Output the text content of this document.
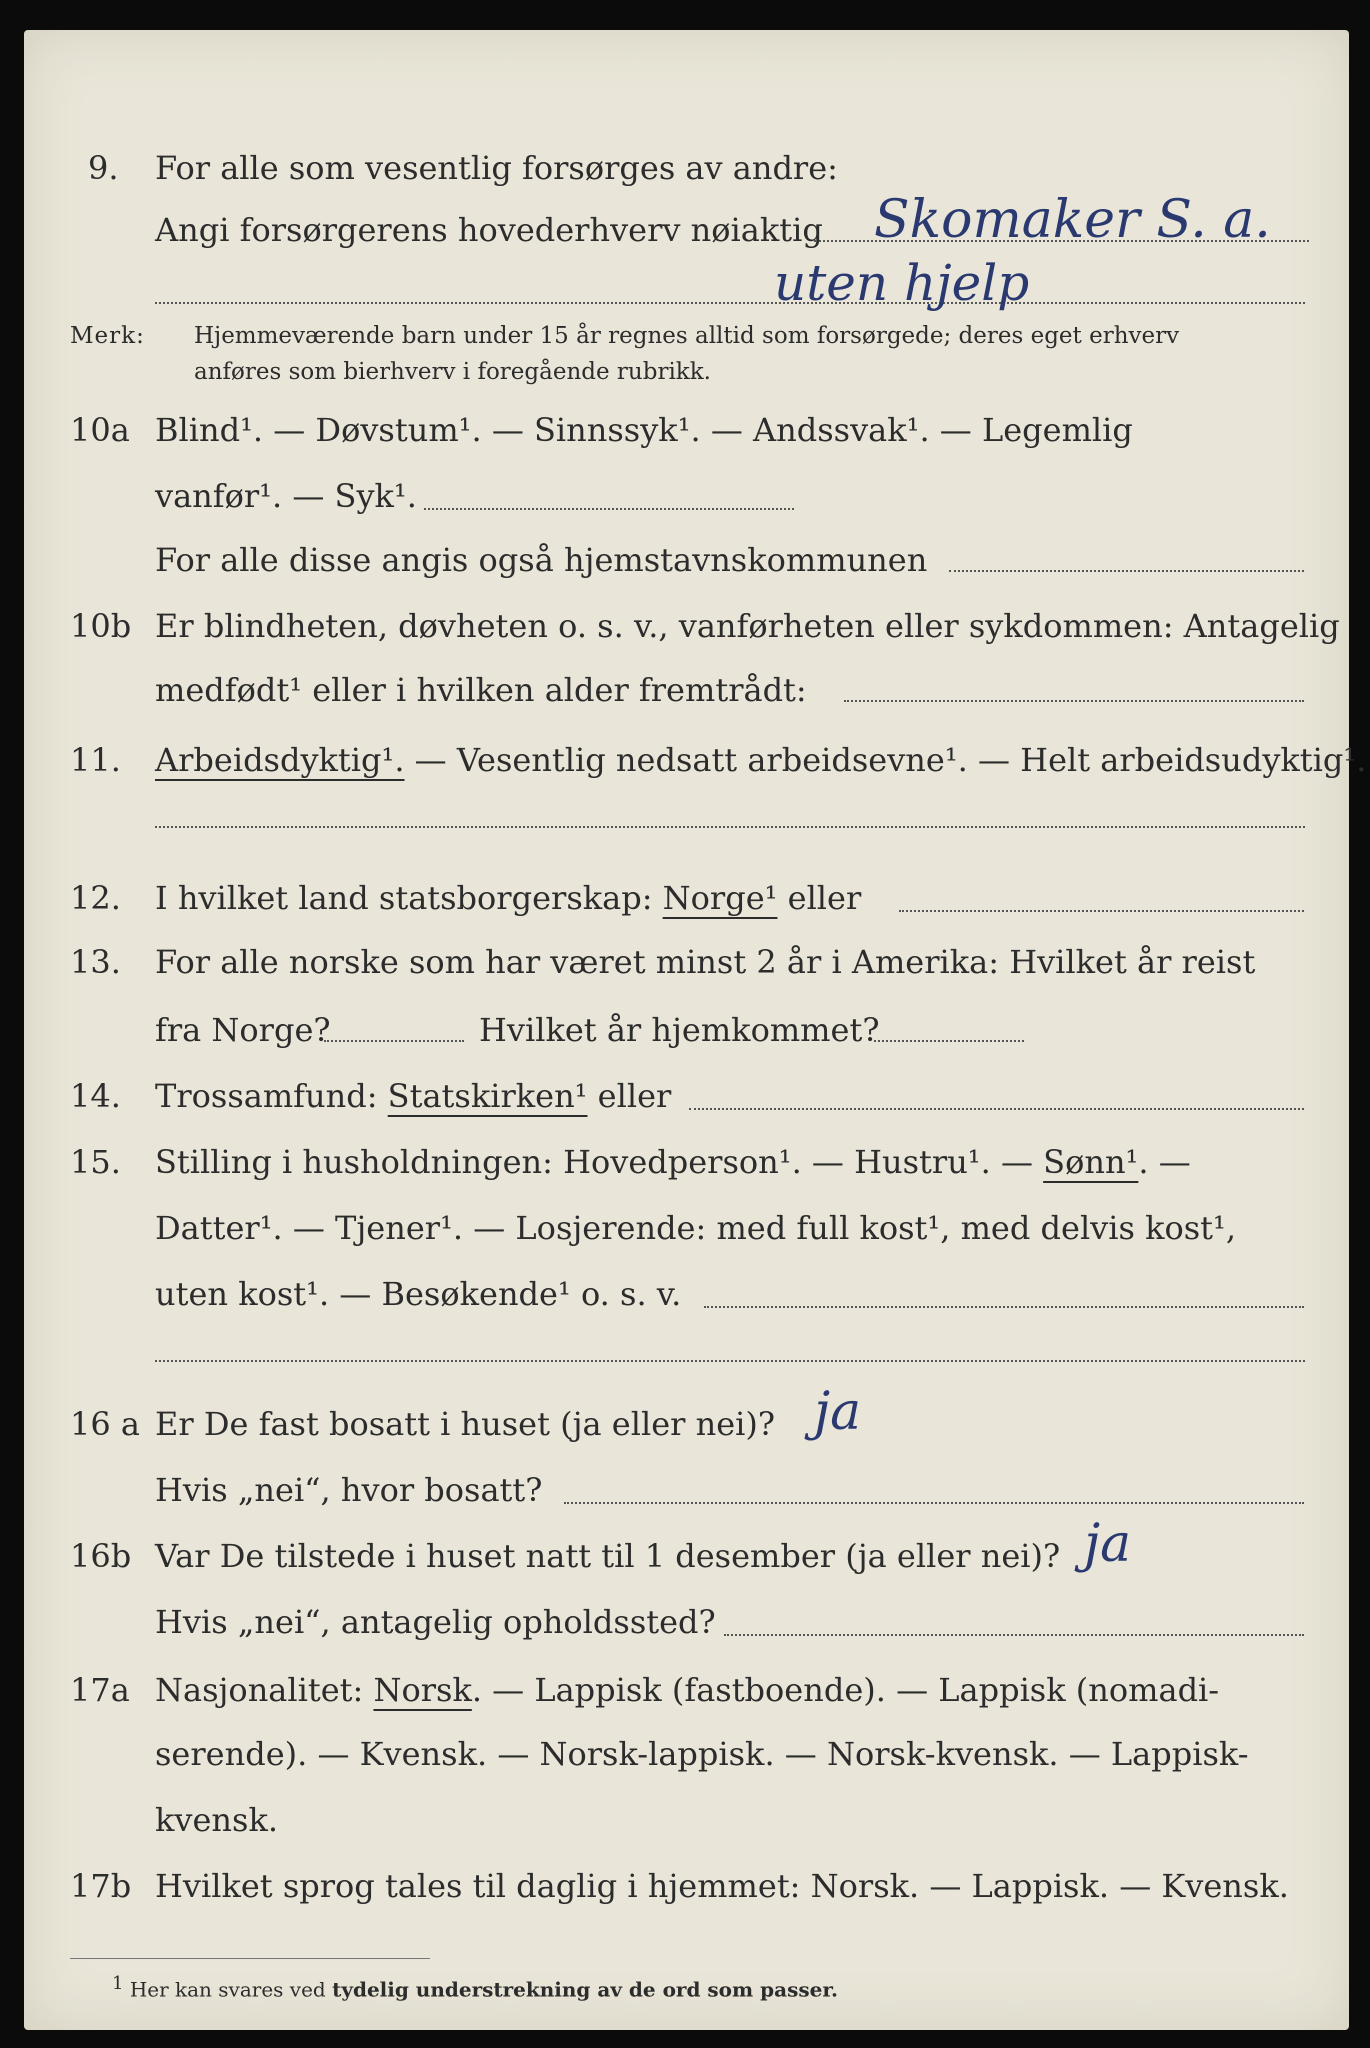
9. For alle som vesentlig forsørges av andre:
Angi forsørgerens hovederhverv nøiaktig Skomaker S. a.
uten hjelp
Merk: Hjemmeværende barn under 15 år regnes alltid som forsørgede; deres eget erhverv
anføres som bierhverv i foregående rubrikk.
10a Blind¹. — Døvstum¹. — Sinnssyk¹. — Andssvak¹. — Legemlig
vanfør¹. — Syk¹.
For alle disse angis også hjemstavnskommunen
10b Er blindheten, døvheten o. s. v., vanførheten eller sykdommen: Antagelig
medfødt¹ eller i hvilken alder fremtrådt:
11. Arbeidsdyktig¹. — Vesentlig nedsatt arbeidsevne¹. — Helt arbeidsudyktig¹.
12. I hvilket land statsborgerskap: Norge¹ eller
13. For alle norske som har været minst 2 år i Amerika: Hvilket år reist
fra Norge?	Hvilket år hjemkommet?
14. Trossamfund: Statskirken¹ eller
15. Stilling i husholdningen: Hovedperson¹. — Hustru¹. — Sønn¹. —
Datter¹. — Tjener¹. — Losjerende: med full kost¹, med delvis kost¹,
uten kost¹. — Besøkende¹ o. s. v.
16 a Er De fast bosatt i huset (ja eller nei)? ja
Hvis „nei“, hvor bosatt?
16b Var De tilstede i huset natt til 1 desember (ja eller nei)? ja
Hvis „nei“, antagelig opholdssted?
17a Nasjonalitet: Norsk. — Lappisk (fastboende). — Lappisk (nomadi-
serende). — Kvensk. — Norsk-lappisk. — Norsk-kvensk. — Lappisk-
kvensk.
17b Hvilket sprog tales til daglig i hjemmet: Norsk. — Lappisk. — Kvensk.
1 Her kan svares ved tydelig understrekning av de ord som passer.
